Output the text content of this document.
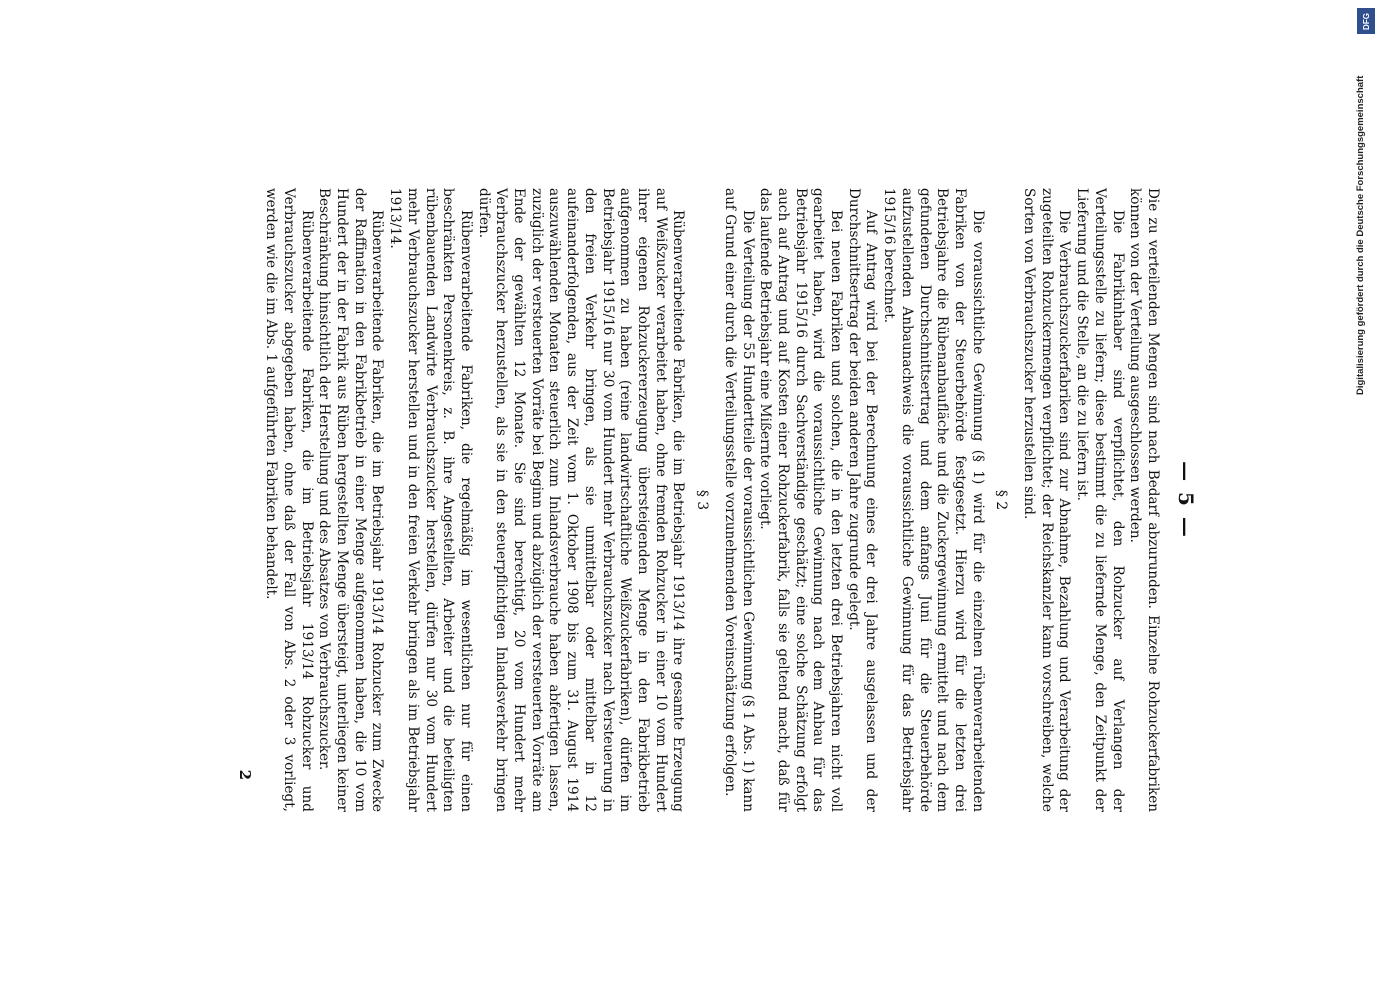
— 5 —

Die zu verteilenden Mengen sind nach Bedarf abzurunden. Einzelne Rohzuckerfabriken können von der Verteilung ausgeschlossen werden.

Die Fabrikinhaber sind verpflichtet, den Rohzucker auf Verlangen der Verteilungsstelle zu liefern; diese bestimmt die zu liefernde Menge, den Zeitpunkt der Lieferung und die Stelle, an die zu liefern ist.

Die Verbrauchszuckerfabriken sind zur Abnahme, Bezahlung und Verarbeitung der zugeteilten Rohzuckermengen verpflichtet; der Reichskanzler kann vorschreiben, welche Sorten von Verbrauchszucker herzustellen sind.

§ 2

Die voraussichtliche Gewinnung (§ 1) wird für die einzelnen rübenverarbeitenden Fabriken von der Steuerbehörde festgesetzt. Hierzu wird für die letzten drei Betriebsjahre die Rübenanbaufläche und die Zuckergewinnung ermittelt und nach dem gefundenen Durchschnittsertrag und dem anfangs Juni für die Steuerbehörde aufzustellenden Anbaunachweis die voraussichtliche Gewinnung für das Betriebsjahr 1915/16 berechnet.

Auf Antrag wird bei der Berechnung eines der drei Jahre ausgelassen und der Durchschnittsertrag der beiden anderen Jahre zugrunde gelegt.

Bei neuen Fabriken und solchen, die in den letzten drei Betriebsjahren nicht voll gearbeitet haben, wird die voraussichtliche Gewinnung nach dem Anbau für das Betriebsjahr 1915/16 durch Sachverständige geschätzt; eine solche Schätzung erfolgt auch auf Antrag und auf Kosten einer Rohzuckerfabrik, falls sie geltend macht, daß für das laufende Betriebsjahr eine Mißernte vorliegt.

Die Verteilung der 55 Hundertteile der voraussichtlichen Gewinnung (§ 1 Abs. 1) kann auf Grund einer durch die Verteilungsstelle vorzunehmenden Voreinschätzung erfolgen.

§ 3

Rübenverarbeitende Fabriken, die im Betriebsjahr 1913/14 ihre gesamte Erzeugung auf Weißzucker verarbeitet haben, ohne fremden Rohzucker in einer 10 vom Hundert ihrer eigenen Rohzuckererzeugung übersteigenden Menge in den Fabrikbetrieb aufgenommen zu haben (reine landwirtschaftliche Weißzuckerfabriken), dürfen im Betriebsjahr 1915/16 nur 30 vom Hundert mehr Verbrauchszucker nach Versteuerung in den freien Verkehr bringen, als sie unmittelbar oder mittelbar in 12 aufeinanderfolgenden, aus der Zeit vom 1. Oktober 1908 bis zum 31. August 1914 auszuwählenden Monaten steuerlich zum Inlandsverbrauche haben abfertigen lassen, zuzüglich der versteuerten Vorräte bei Beginn und abzüglich der versteuerten Vorräte am Ende der gewählten 12 Monate. Sie sind berechtigt, 20 vom Hundert mehr Verbrauchszucker herzustellen, als sie in den steuerpflichtigen Inlandsverkehr bringen dürfen.

Rübenverarbeitende Fabriken, die regelmäßig im wesentlichen nur für einen beschränkten Personenkreis, z. B. ihre Angestellten, Arbeiter und die beteiligten rübenbauenden Landwirte Verbrauchszucker herstellen, dürfen nur 30 vom Hundert mehr Verbrauchszucker herstellen und in den freien Verkehr bringen als im Betriebsjahr 1913/14.

Rübenverarbeitende Fabriken, die im Betriebsjahr 1913/14 Rohzucker zum Zwecke der Raffination in den Fabrikbetrieb in einer Menge aufgenommen haben, die 10 vom Hundert der in der Fabrik aus Rüben hergestellten Menge übersteigt, unterliegen keiner Beschränkung hinsichtlich der Herstellung und des Absatzes von Verbrauchszucker.

Rübenverarbeitende Fabriken, die im Betriebsjahr 1913/14 Rohzucker und Verbrauchszucker abgegeben haben, ohne daß der Fall von Abs. 2 oder 3 vorliegt, werden wie die im Abs. 1 aufgeführten Fabriken behandelt.

2
DFG
Digitalisierung gefördert durch die Deutsche Forschungsgemeinschaft
